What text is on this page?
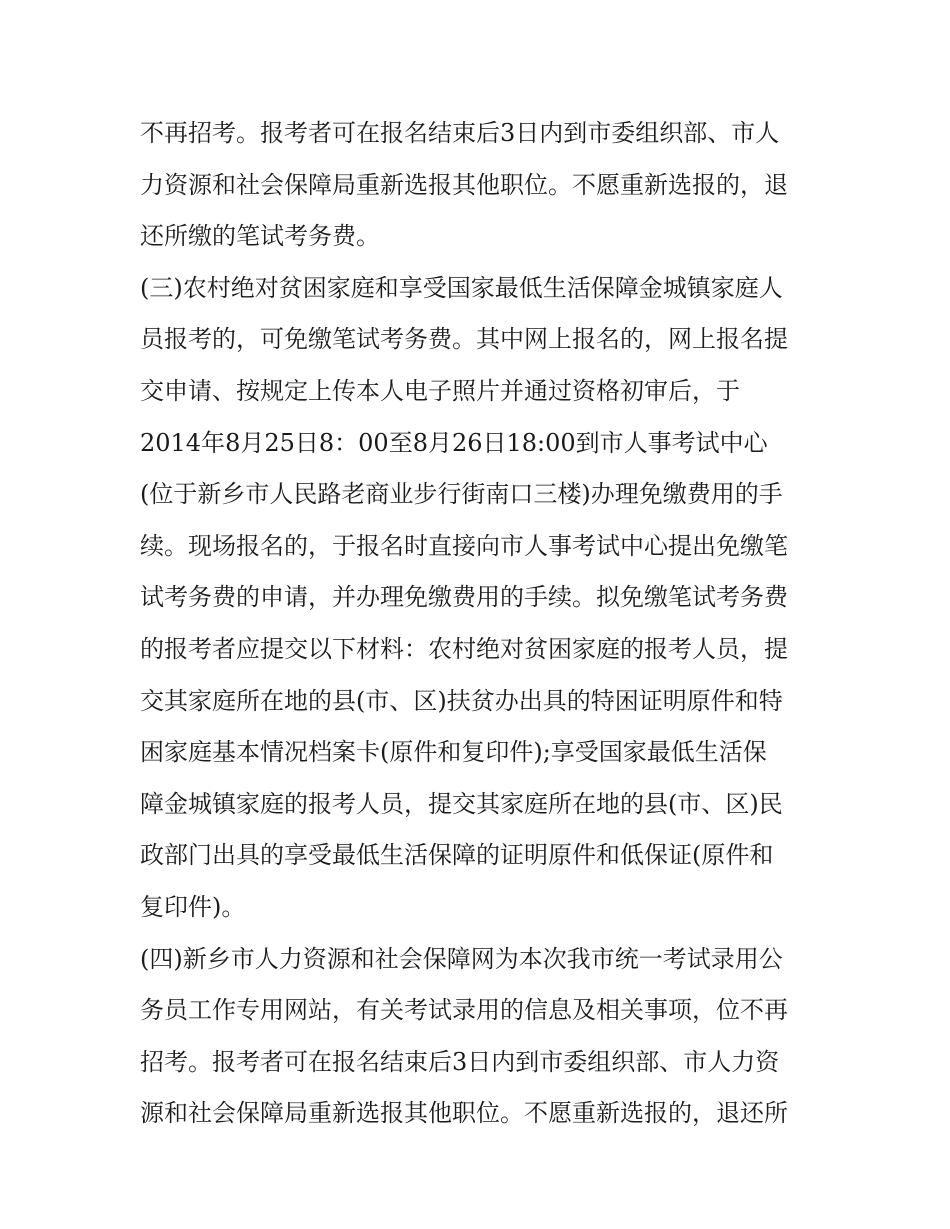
不再招考。报考者可在报名结束后3日内到市委组织部、市人
力资源和社会保障局重新选报其他职位。不愿重新选报的，退
还所缴的笔试考务费。
(三)农村绝对贫困家庭和享受国家最低生活保障金城镇家庭人
员报考的，可免缴笔试考务费。其中网上报名的，网上报名提
交申请、按规定上传本人电子照片并通过资格初审后，于
2014年8月25日8：00至8月26日18:00到市人事考试中心
(位于新乡市人民路老商业步行街南口三楼)办理免缴费用的手
续。现场报名的，于报名时直接向市人事考试中心提出免缴笔
试考务费的申请，并办理免缴费用的手续。拟免缴笔试考务费
的报考者应提交以下材料：农村绝对贫困家庭的报考人员，提
交其家庭所在地的县(市、区)扶贫办出具的特困证明原件和特
困家庭基本情况档案卡(原件和复印件);享受国家最低生活保
障金城镇家庭的报考人员，提交其家庭所在地的县(市、区)民
政部门出具的享受最低生活保障的证明原件和低保证(原件和
复印件)。
(四)新乡市人力资源和社会保障网为本次我市统一考试录用公
务员工作专用网站，有关考试录用的信息及相关事项，位不再
招考。报考者可在报名结束后3日内到市委组织部、市人力资
源和社会保障局重新选报其他职位。不愿重新选报的，退还所
